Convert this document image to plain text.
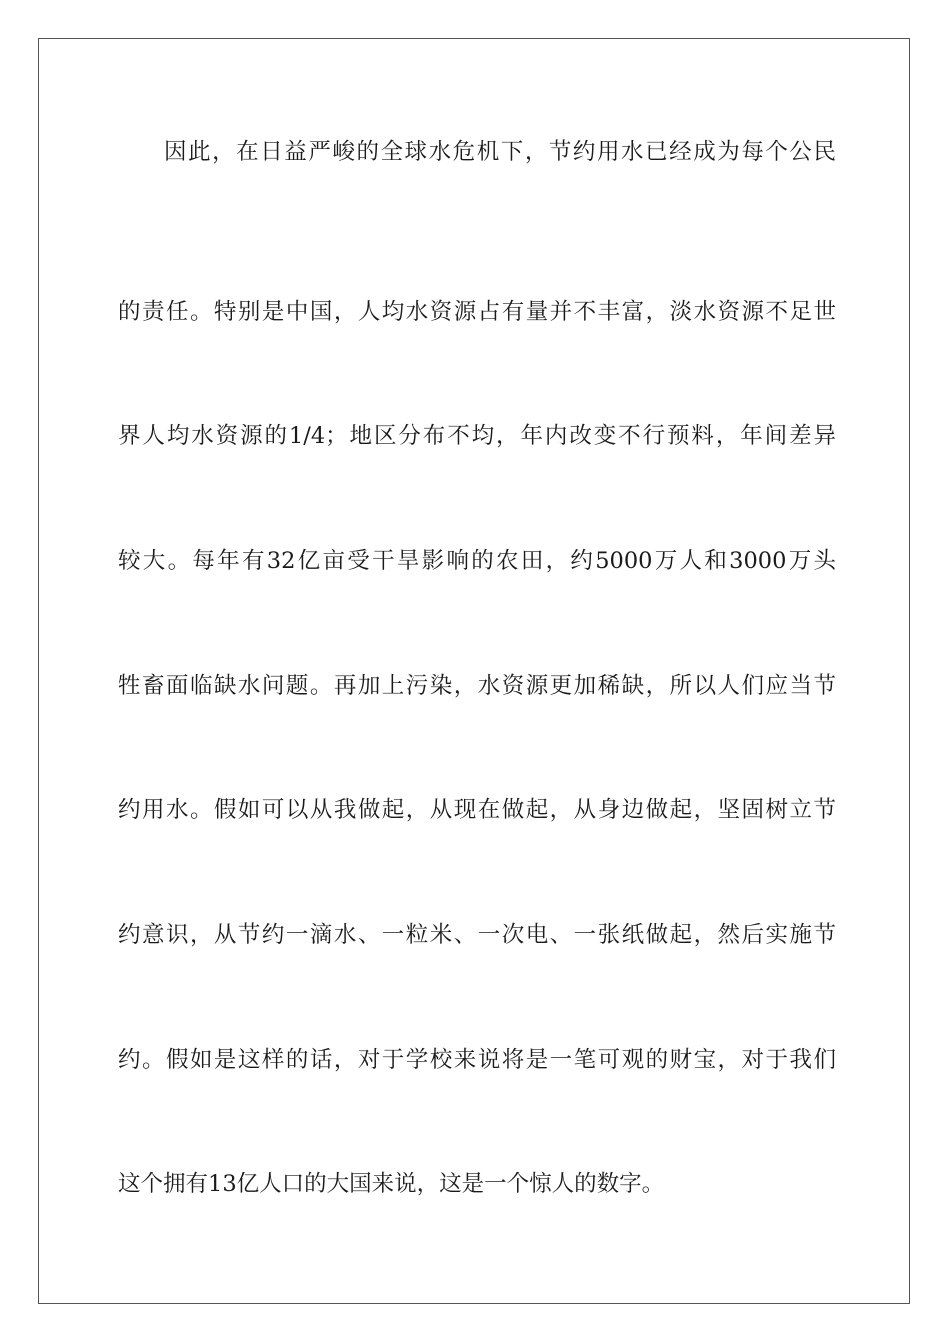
因此，在日益严峻的全球水危机下，节约用水已经成为每个公民
的责任。特别是中国，人均水资源占有量并不丰富，淡水资源不足世
界人均水资源的1/4；地区分布不均，年内改变不行预料，年间差异
较大。每年有32亿亩受干旱影响的农田，约5000万人和3000万头
牲畜面临缺水问题。再加上污染，水资源更加稀缺，所以人们应当节
约用水。假如可以从我做起，从现在做起，从身边做起，坚固树立节
约意识，从节约一滴水、一粒米、一次电、一张纸做起，然后实施节
约。假如是这样的话，对于学校来说将是一笔可观的财宝，对于我们
这个拥有13亿人口的大国来说，这是一个惊人的数字。
